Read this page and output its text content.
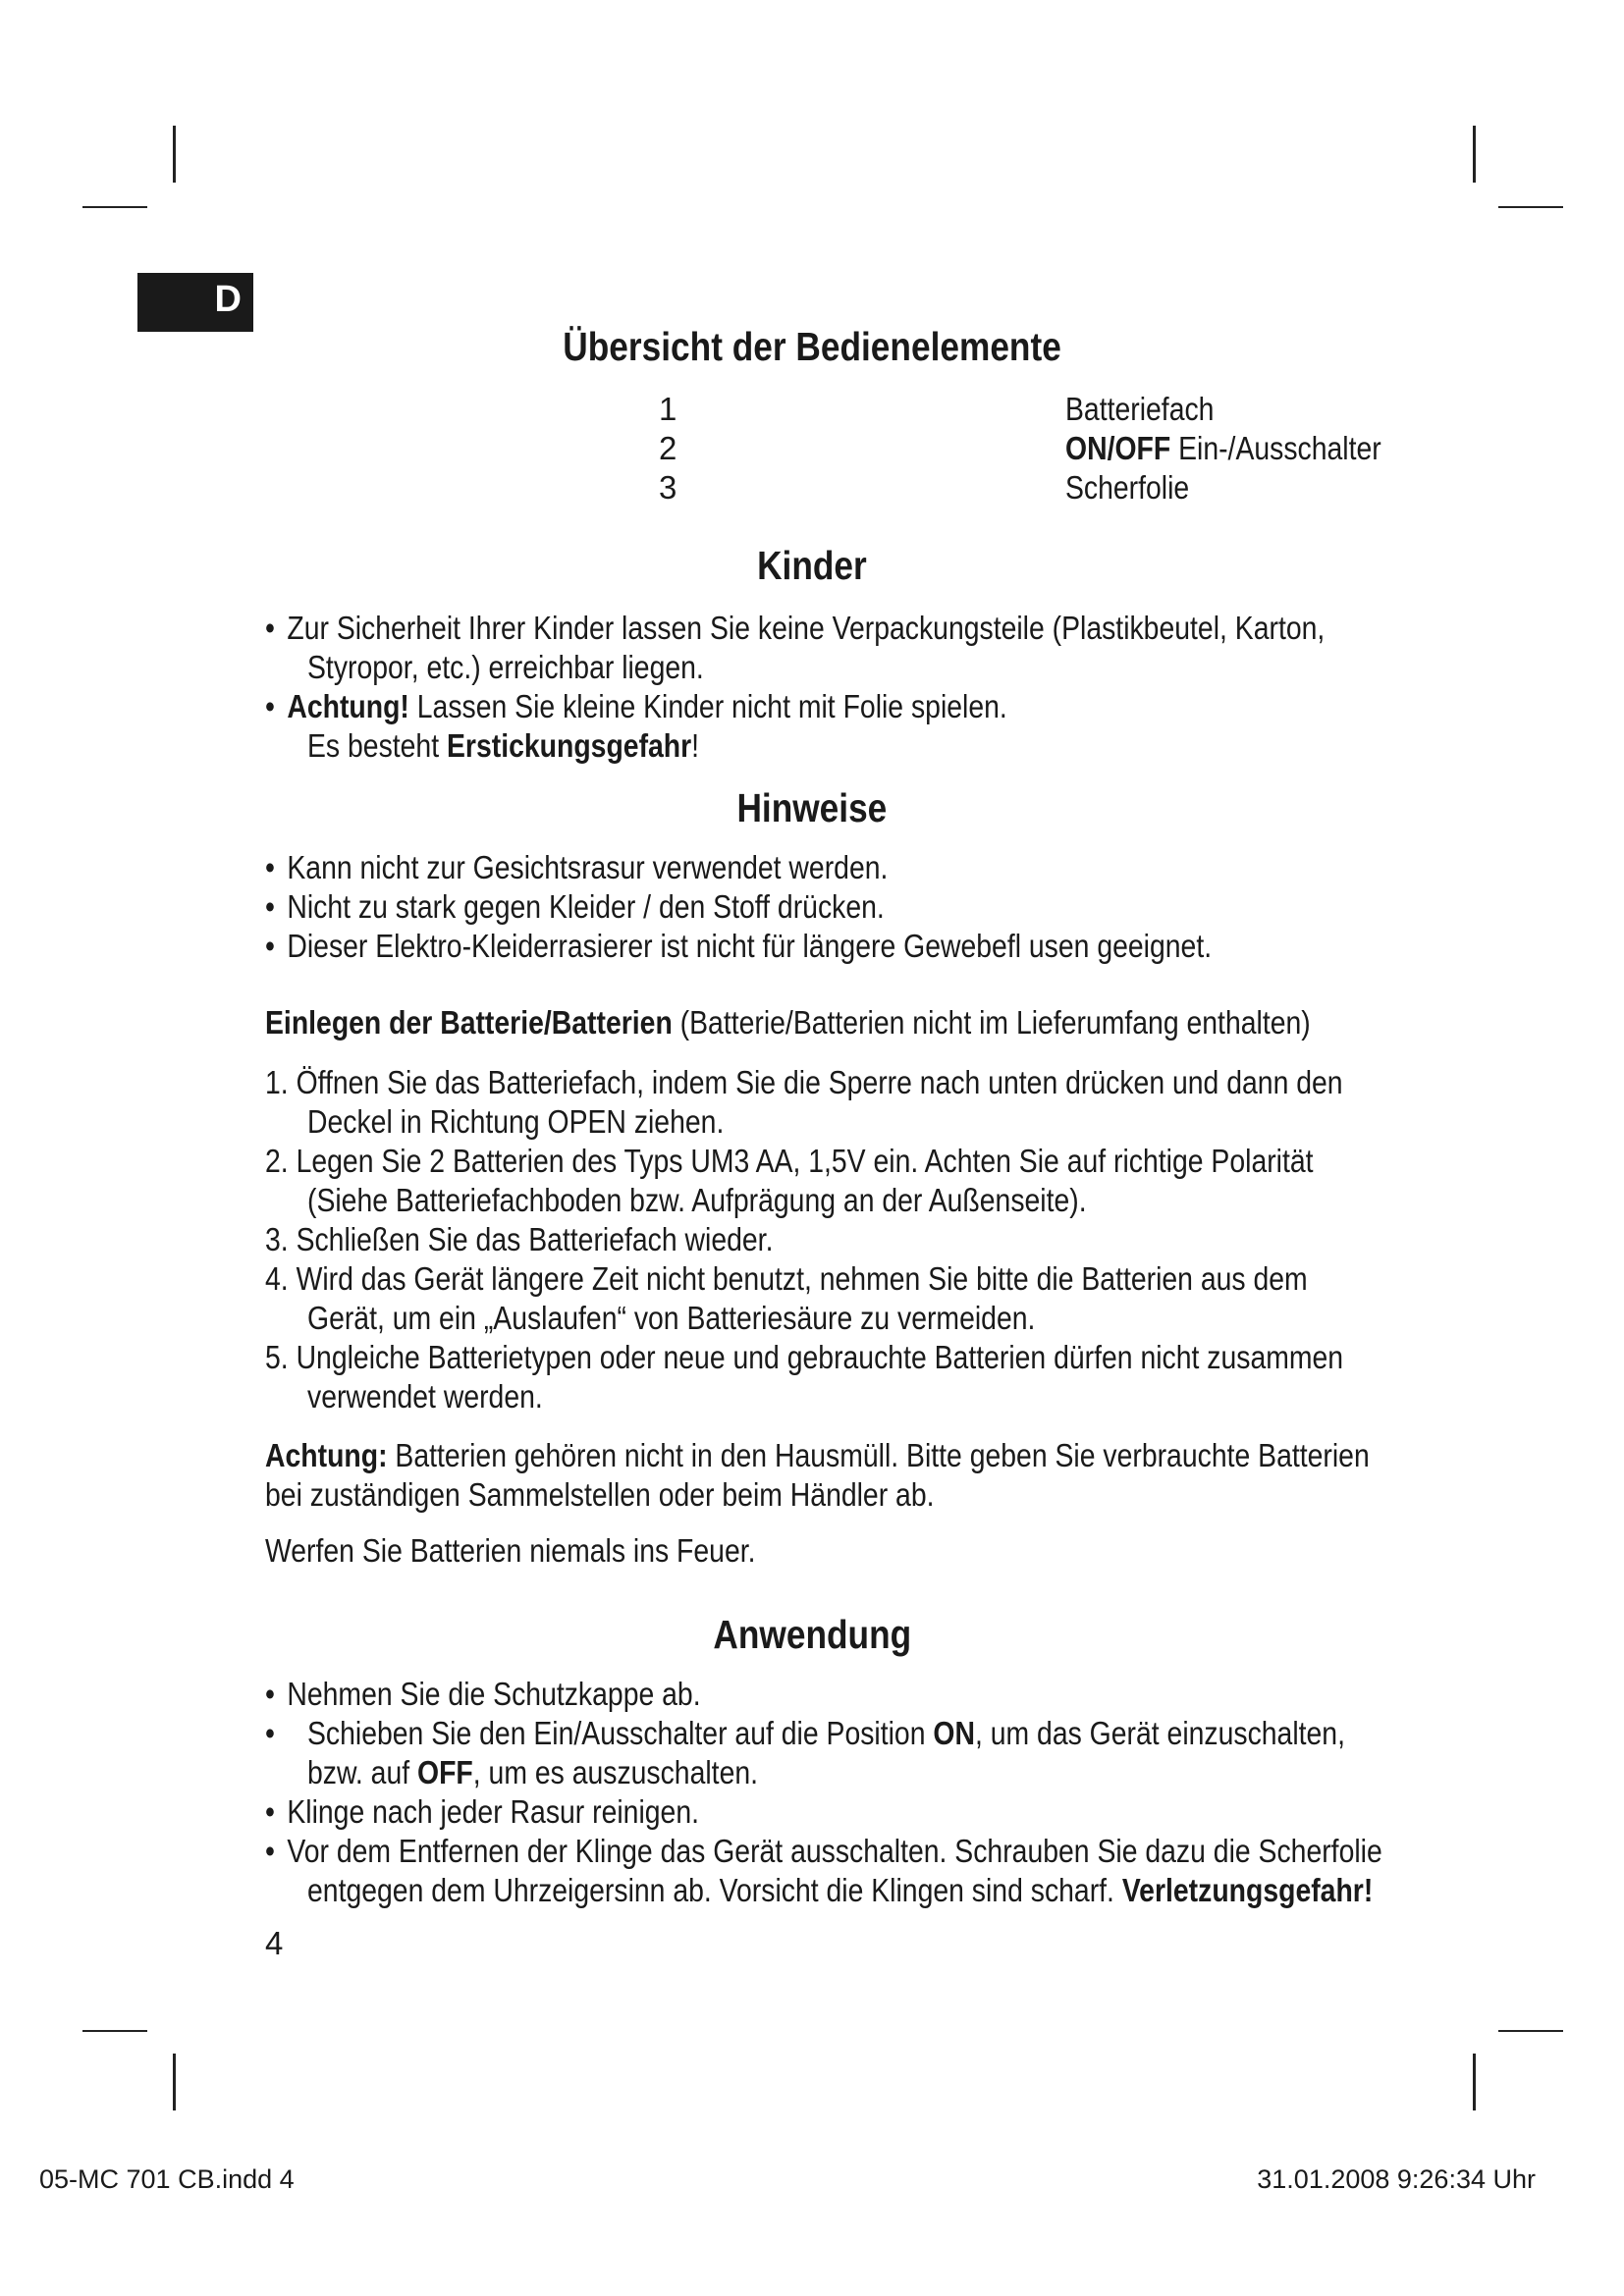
D
Übersicht der Bedienelemente
1	Batteriefach
2	ON/OFF Ein-/Ausschalter
3	Scherfolie
Kinder
• Zur Sicherheit Ihrer Kinder lassen Sie keine Verpackungsteile (Plastikbeutel, Karton,
Styropor, etc.) erreichbar liegen.
• Achtung! Lassen Sie kleine Kinder nicht mit Folie spielen.
Es besteht Erstickungsgefahr!
Hinweise
• Kann nicht zur Gesichtsrasur verwendet werden.
• Nicht zu stark gegen Kleider / den Stoff drücken.
• Dieser Elektro-Kleiderrasierer ist nicht für längere Gewebefl usen geeignet.
Einlegen der Batterie/Batterien (Batterie/Batterien nicht im Lieferumfang enthalten)
1. Öffnen Sie das Batteriefach, indem Sie die Sperre nach unten drücken und dann den
Deckel in Richtung OPEN ziehen.
2. Legen Sie 2 Batterien des Typs UM3 AA, 1,5V ein. Achten Sie auf richtige Polarität
(Siehe Batteriefachboden bzw. Aufprägung an der Außenseite).
3. Schließen Sie das Batteriefach wieder.
4. Wird das Gerät längere Zeit nicht benutzt, nehmen Sie bitte die Batterien aus dem
Gerät, um ein „Auslaufen“ von Batteriesäure zu vermeiden.
5. Ungleiche Batterietypen oder neue und gebrauchte Batterien dürfen nicht zusammen
verwendet werden.
Achtung: Batterien gehören nicht in den Hausmüll. Bitte geben Sie verbrauchte Batterien
bei zuständigen Sammelstellen oder beim Händler ab.
Werfen Sie Batterien niemals ins Feuer.
Anwendung
• Nehmen Sie die Schutzkappe ab.
• Schieben Sie den Ein/Ausschalter auf die Position ON, um das Gerät einzuschalten,
bzw. auf OFF, um es auszuschalten.
• Klinge nach jeder Rasur reinigen.
• Vor dem Entfernen der Klinge das Gerät ausschalten. Schrauben Sie dazu die Scherfolie
entgegen dem Uhrzeigersinn ab. Vorsicht die Klingen sind scharf. Verletzungsgefahr!
4
05-MC 701 CB.indd 4	31.01.2008 9:26:34 Uhr
